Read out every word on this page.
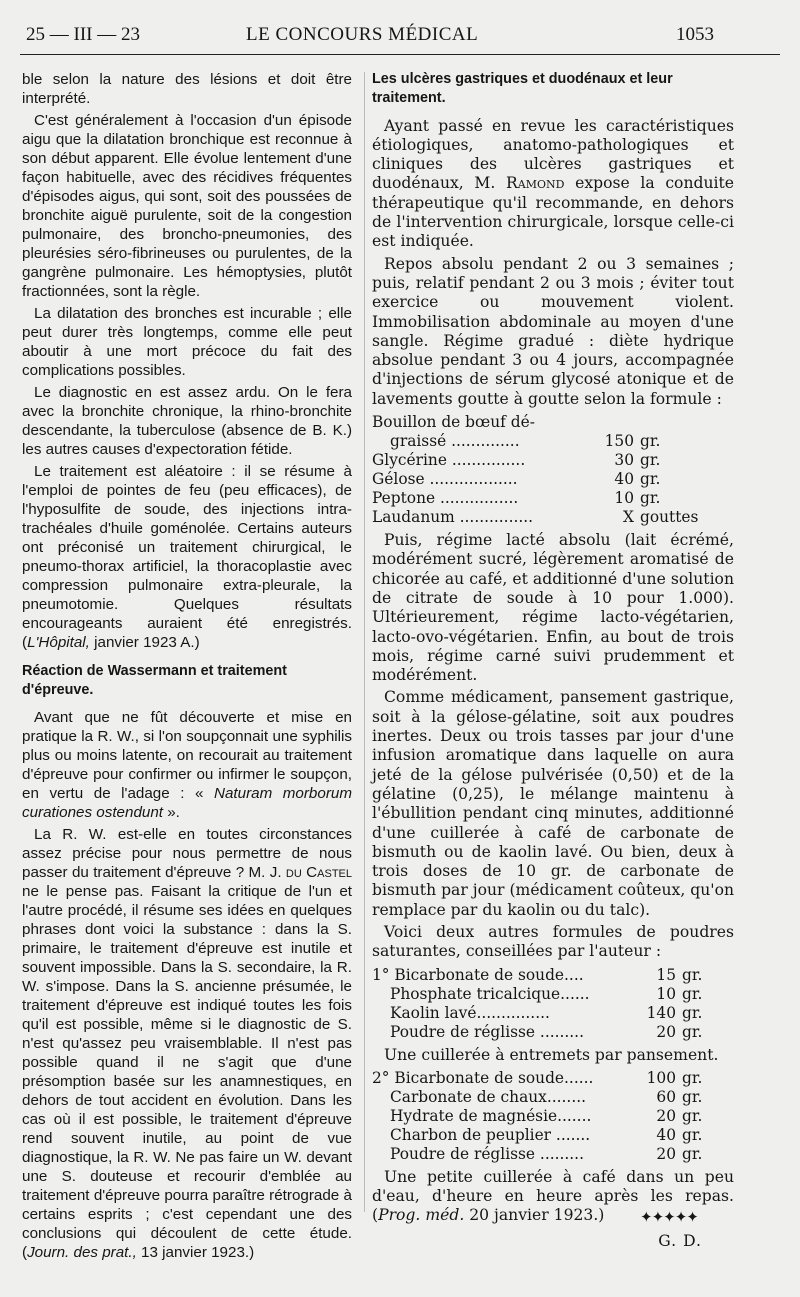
25 — III — 23	LE CONCOURS MÉDICAL	1053

ble selon la nature des lésions et doit être interprété.

C'est généralement à l'occasion d'un épisode aigu que la dilatation bronchique est reconnue à son début apparent. Elle évolue lentement d'une façon habituelle, avec des récidives fréquentes d'épisodes aigus, qui sont, soit des poussées de bronchite aiguë purulente, soit de la congestion pulmonaire, des broncho-pneumonies, des pleurésies séro-fibrineuses ou purulentes, de la gangrène pulmonaire. Les hémoptysies, plutôt fractionnées, sont la règle.

La dilatation des bronches est incurable ; elle peut durer très longtemps, comme elle peut aboutir à une mort précoce du fait des complications possibles.

Le diagnostic en est assez ardu. On le fera avec la bronchite chronique, la rhino-bronchite descendante, la tuberculose (absence de B. K.) les autres causes d'expectoration fétide.

Le traitement est aléatoire : il se résume à l'emploi de pointes de feu (peu efficaces), de l'hyposulfite de soude, des injections intra-trachéales d'huile goménolée. Certains auteurs ont préconisé un traitement chirurgical, le pneumo-thorax artificiel, la thoracoplastie avec compression pulmonaire extra-pleurale, la pneumotomie. Quelques résultats encourageants auraient été enregistrés. (L'Hôpital, janvier 1923 A.)

Réaction de Wassermann et traitement d'épreuve.

Avant que ne fût découverte et mise en pratique la R. W., si l'on soupçonnait une syphilis plus ou moins latente, on recourait au traitement d'épreuve pour confirmer ou infirmer le soupçon, en vertu de l'adage : « Naturam morborum curationes ostendunt ».

La R. W. est-elle en toutes circonstances assez précise pour nous permettre de nous passer du traitement d'épreuve ? M. J. du Castel ne le pense pas. Faisant la critique de l'un et l'autre procédé, il résume ses idées en quelques phrases dont voici la substance : dans la S. primaire, le traitement d'épreuve est inutile et souvent impossible. Dans la S. secondaire, la R. W. s'impose. Dans la S. ancienne présumée, le traitement d'épreuve est indiqué toutes les fois qu'il est possible, même si le diagnostic de S. n'est qu'assez peu vraisemblable. Il n'est pas possible quand il ne s'agit que d'une présomption basée sur les anamnestiques, en dehors de tout accident en évolution. Dans les cas où il est possible, le traitement d'épreuve rend souvent inutile, au point de vue diagnostique, la R. W. Ne pas faire un W. devant une S. douteuse et recourir d'emblée au traitement d'épreuve pourra paraître rétrograde à certains esprits ; c'est cependant une des conclusions qui découlent de cette étude. (Journ. des prat., 13 janvier 1923.)

Les ulcères gastriques et duodénaux et leur traitement.

Ayant passé en revue les caractéristiques étiologiques, anatomo-pathologiques et cliniques des ulcères gastriques et duodénaux, M. Ramond expose la conduite thérapeutique qu'il recommande, en dehors de l'intervention chirurgicale, lorsque celle-ci est indiquée.

Repos absolu pendant 2 ou 3 semaines ; puis, relatif pendant 2 ou 3 mois ; éviter tout exercice ou mouvement violent. Immobilisation abdominale au moyen d'une sangle. Régime gradué : diète hydrique absolue pendant 3 ou 4 jours, accompagnée d'injections de sérum glycosé atonique et de lavements goutte à goutte selon la formule :

Bouillon de bœuf dé-		
graissé ..............	150	gr.
Glycérine ...............	30	gr.
Gélose ..................	40	gr.
Peptone ................	10	gr.
Laudanum ...............	X	gouttes

Puis, régime lacté absolu (lait écrémé, modérément sucré, légèrement aromatisé de chicorée au café, et additionné d'une solution de citrate de soude à 10 pour 1.000). Ultérieurement, régime lacto-végétarien, lacto-ovo-végétarien. Enfin, au bout de trois mois, régime carné suivi prudemment et modérément.

Comme médicament, pansement gastrique, soit à la gélose-gélatine, soit aux poudres inertes. Deux ou trois tasses par jour d'une infusion aromatique dans laquelle on aura jeté de la gélose pulvérisée (0,50) et de la gélatine (0,25), le mélange maintenu à l'ébullition pendant cinq minutes, additionné d'une cuillerée à café de carbonate de bismuth ou de kaolin lavé. Ou bien, deux à trois doses de 10 gr. de carbonate de bismuth par jour (médicament coûteux, qu'on remplace par du kaolin ou du talc).

Voici deux autres formules de poudres saturantes, conseillées par l'auteur :

1° Bicarbonate de soude....	15	gr.
Phosphate tricalcique......	10	gr.
Kaolin lavé...............	140	gr.
Poudre de réglisse .........	20	gr.

Une cuillerée à entremets par pansement.

2° Bicarbonate de soude......	100	gr.
Carbonate de chaux........	60	gr.
Hydrate de magnésie.......	20	gr.
Charbon de peuplier .......	40	gr.
Poudre de réglisse .........	20	gr.

Une petite cuillerée à café dans un peu d'eau, d'heure en heure après les repas. (Prog. méd. 20 janvier 1923.)

G. D.

✦✦✦✦✦
